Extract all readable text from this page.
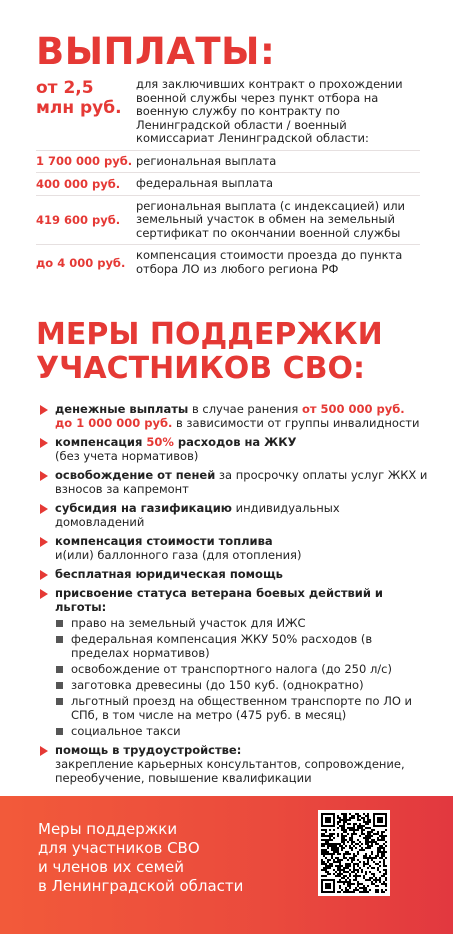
ВЫПЛАТЫ:
от 2,5 млн руб.
для заключивших контракт о прохождении военной службы через пункт отбора на военную службу по контракту по Ленинградской области / военный комиссариат Ленинградской области:
1 700 000 руб. региональная выплата
400 000 руб.	федеральная выплата
419 600 руб.
региональная выплата (с индексацией) или земельный участок в обмен на земельный сертификат по окончании военной службы
до 4 000 руб.
компенсация стоимости проезда до пункта отбора ЛО из любого региона РФ
МЕРЫ ПОДДЕРЖКИ
УЧАСТНИКОВ СВО:
денежные выплаты в случае ранения от 500 000 руб.
до 1 000 000 руб. в зависимости от группы инвалидности
компенсация 50% расходов на ЖКУ
(без учета нормативов)
освобождение от пеней за просрочку оплаты услуг ЖКХ и взносов за капремонт
субсидия на газификацию индивидуальных домовладений
компенсация стоимости топлива
и(или) баллонного газа (для отопления)
бесплатная юридическая помощь
присвоение статуса ветерана боевых действий и льготы:
право на земельный участок для ИЖС
федеральная компенсация ЖКУ 50% расходов (в пределах нормативов)
освобождение от транспортного налога (до 250 л/с)
заготовка древесины (до 150 куб. (однократно)
льготный проезд на общественном транспорте по ЛО и СПб, в том числе на метро (475 руб. в месяц)
социальное такси
помощь в трудоустройстве:
закрепление карьерных консультантов, сопровождение, переобучение, повышение квалификации
Меры поддержки
для участников СВО
и членов их семей
в Ленинградской области
